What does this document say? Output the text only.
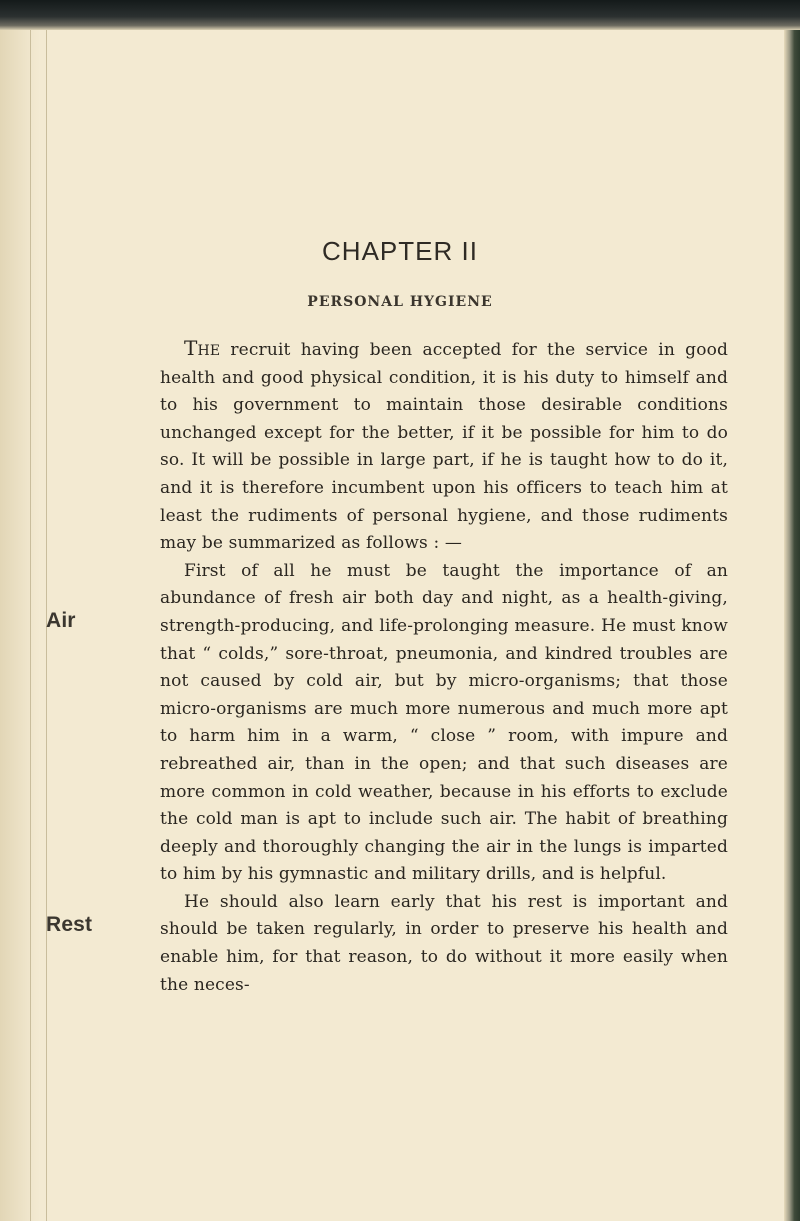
CHAPTER II
PERSONAL HYGIENE

The recruit having been accepted for the service in good health and good physical condition, it is his duty to himself and to his government to maintain those desirable conditions unchanged except for the better, if it be possible for him to do so. It will be possible in large part, if he is taught how to do it, and it is therefore incumbent upon his officers to teach him at least the rudiments of personal hygiene, and those rudiments may be summarized as follows : —

First of all he must be taught the importance of an abundance of fresh air both day and night, as a
Air
health-giving, strength-producing, and life-prolonging measure. He must know that “ colds,” sore-throat, pneumonia, and kindred troubles are not caused by cold air, but by micro-organisms; that those micro-organisms are much more numerous and much more apt to harm him in a warm, “ close ” room, with impure and rebreathed air, than in the open; and that such diseases are more common in cold weather, because in his efforts to exclude the cold man is apt to include such air. The habit of breathing deeply and thoroughly changing the air in the lungs is imparted to him by his gymnastic and military drills, and is helpful.

He should also learn early that his rest is important
Rest
and should be taken regularly, in order to preserve his health and enable him, for that reason, to do without it more easily when the neces-
